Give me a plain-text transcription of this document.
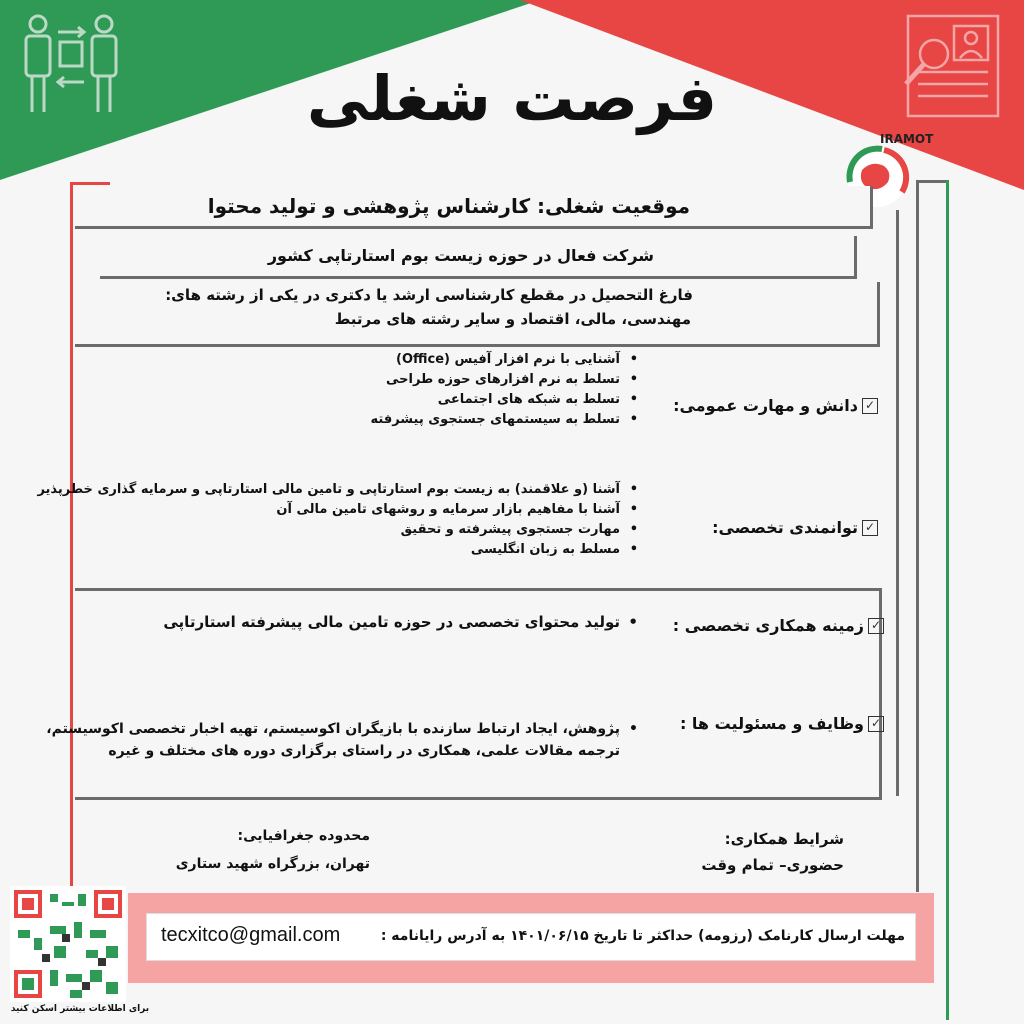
فرصت شغلی
IRAMOT
موقعیت شغلی: کارشناس پژوهشی و تولید محتوا
شرکت فعال در حوزه زیست بوم استارتاپی کشور
فارغ التحصیل در مقطع کارشناسی ارشد یا دکتری در یکی از رشته های:
مهندسی، مالی، اقتصاد و سایر رشته های مرتبط
✓
دانش و مهارت عمومی:
• آشنایی با نرم افزار آفیس (Office)
• تسلط به نرم افزارهای حوزه طراحی
• تسلط به شبکه های اجتماعی
• تسلط به سیستمهای جستجوی پیشرفته
✓
توانمندی تخصصی:
• آشنا (و علاقمند) به زیست بوم استارتاپی و تامین مالی استارتاپی و سرمایه گذاری خطرپذیر
• آشنا با مفاهیم بازار سرمایه و روشهای تامین مالی آن
• مهارت جستجوی پیشرفته و تحقیق
• مسلط به زبان انگلیسی
✓
زمینه همکاری تخصصی :
• تولید محتوای تخصصی در حوزه تامین مالی پیشرفته استارتاپی
✓
وظایف و مسئولیت ها :
•
پژوهش، ایجاد ارتباط سازنده با بازیگران اکوسیستم، تهیه اخبار تخصصی اکوسیستم،
ترجمه مقالات علمی، همکاری در راستای برگزاری دوره های مختلف و غیره
شرایط همکاری:
حضوری– تمام وقت
محدوده جغرافیایی:
تهران، بزرگراه شهید ستاری
مهلت ارسال کارنامک (رزومه) حداکثر تا تاریخ ۱۴۰۱/۰۶/۱۵ به آدرس رایانامه :
tecxitco@gmail.com
برای اطلاعات بیشتر اسکن کنید
